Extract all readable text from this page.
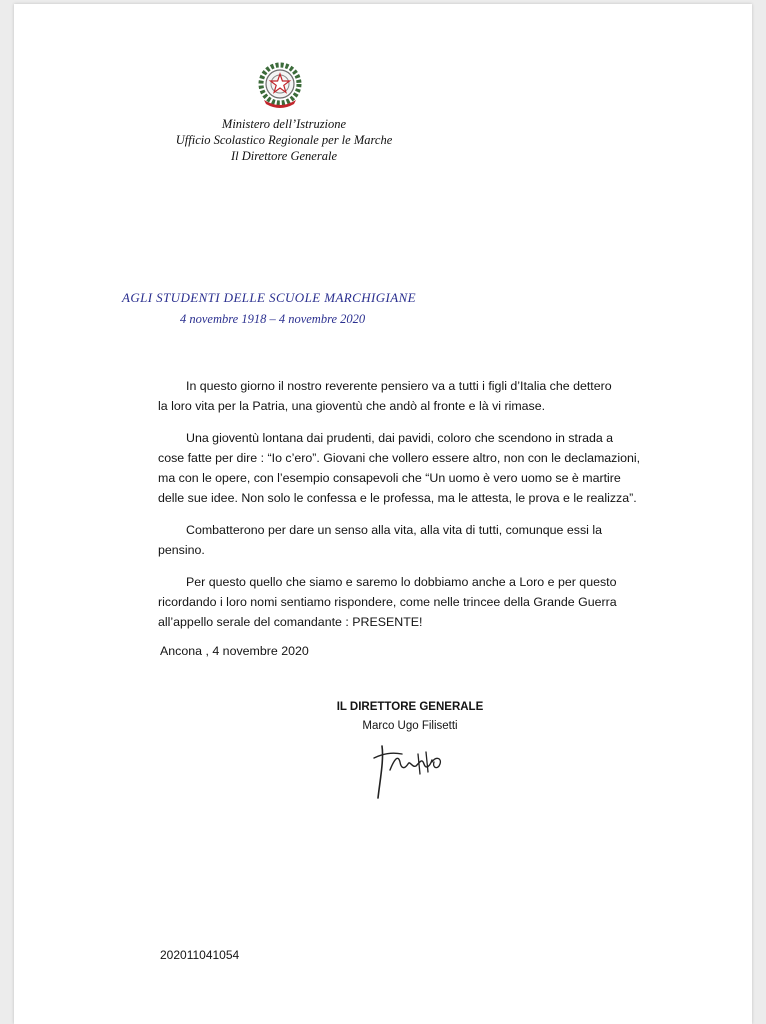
Ministero dell’Istruzione
Ufficio Scolastico Regionale per le Marche
Il Direttore Generale
AGLI STUDENTI DELLE SCUOLE MARCHIGIANE
4 novembre 1918 – 4 novembre 2020

In questo giorno il nostro reverente pensiero va a tutti i figli d’Italia che dettero
la loro vita per la Patria, una gioventù che andò al fronte e là vi rimase.

Una gioventù lontana dai prudenti, dai pavidi, coloro che scendono in strada a
cose fatte per dire : “Io c’ero”. Giovani che vollero essere altro, non con le declamazioni,
ma con le opere, con l’esempio consapevoli che “Un uomo è vero uomo se è martire
delle sue idee. Non solo le confessa e le professa, ma le attesta, le prova e le realizza”.

Combatterono per dare un senso alla vita, alla vita di tutti, comunque essi la
pensino.

Per questo quello che siamo e saremo lo dobbiamo anche a Loro e per questo
ricordando i loro nomi sentiamo rispondere, come nelle trincee della Grande Guerra
all’appello serale del comandante : PRESENTE!

Ancona , 4 novembre 2020
IL DIRETTORE GENERALE
Marco Ugo Filisetti
202011041054
